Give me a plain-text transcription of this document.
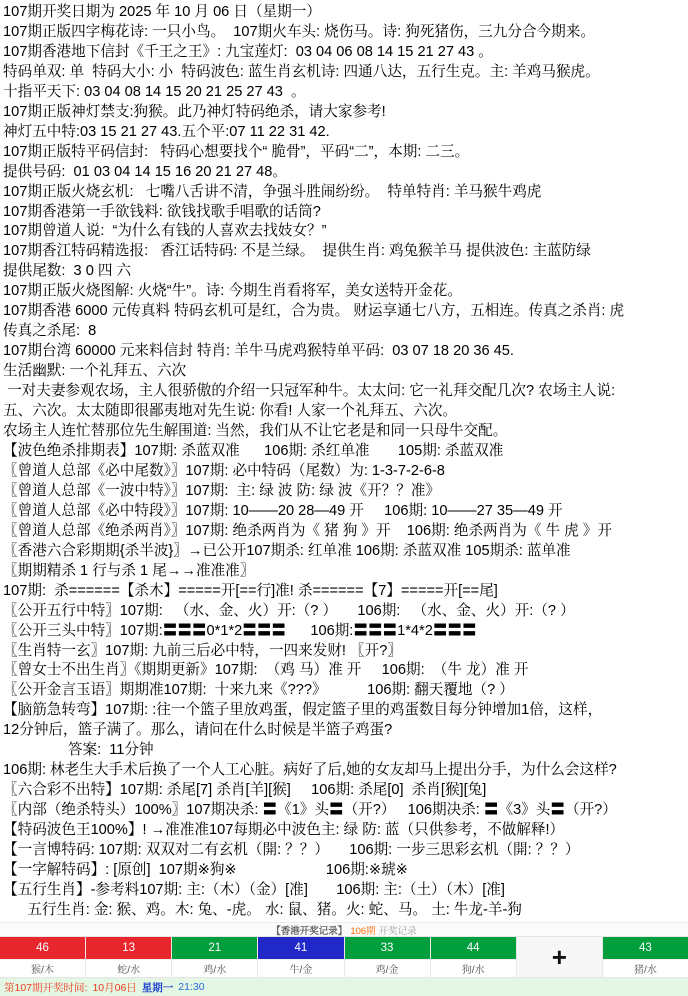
107期开奖日期为 2025 年 10 月 06 日（星期一）
107期正版四字梅花诗: 一只小鸟。  107期火车头: 烧伤马。诗: 狗死猪伤，三九分合今期来。
107期香港地下信封《千王之王》: 九宝莲灯:  03 04 06 08 14 15 21 27 43 。
特码单双: 单  特码大小: 小  特码波色: 蓝生肖玄机诗: 四通八达，五行生克。主: 羊鸡马猴虎。
十指平天下: 03 04 08 14 15 20 21 25 27 43  。
107期正版神灯禁支:狗猴。此乃神灯特码绝杀，请大家参考!
神灯五中特:03 15 21 27 43.五个平:07 11 22 31 42.
107期正版特平码信封:   特码心想要找个“ 脆骨”，平码“二”，本期: 二三。
提供号码:  01 03 04 14 15 16 20 21 27 48。
107期正版火烧玄机:   七嘴八舌讲不清，争强斗胜闹纷纷。  特单特肖: 羊马猴牛鸡虎
107期香港第一手欲钱料: 欲钱找歌手唱歌的话筒?
107期曾道人说:  “为什么有钱的人喜欢去找妓女？”
107期香江特码精选报:   香江话特码: 不是兰绿。  提供生肖: 鸡兔猴羊马 提供波色: 主蓝防绿
提供尾数:  3 0 四 六
107期正版火烧图解: 火烧“牛”。诗: 今期生肖看将军，美女送特开金花。
107期香港 6000 元传真料 特码玄机可是红，合为贵。 财运享通七八方，五相连。传真之杀肖: 虎
传真之杀尾:  8
107期台湾 60000 元来料信封 特肖: 羊牛马虎鸡猴特单平码:  03 07 18 20 36 45.
生活幽默: 一个礼拜五、六次
一对夫妻参观农场，主人很骄傲的介绍一只冠军种牛。太太问: 它一礼拜交配几次? 农场主人说:
五、六次。太太随即很鄙夷地对先生说: 你看! 人家一个礼拜五、六次。
农场主人连忙替那位先生解围道: 当然，我们从不让它老是和同一只母牛交配。
【波色绝杀排期表】107期: 杀蓝双准      106期: 杀红单准       105期: 杀蓝双准
〖曾道人总部《必中尾数》〗107期: 必中特码（尾数）为: 1-3-7-2-6-8
〖曾道人总部《一波中特》〗107期:  主: 绿 波 防: 绿 波《开？？准》
〖曾道人总部《必中特段》〗107期: 10——20 28—49 开     106期: 10——27 35—49 开
〖曾道人总部《绝杀两肖》〗107期: 绝杀两肖为《 猪 狗 》开    106期: 绝杀两肖为《 牛 虎 》开
〖香港六合彩期期{杀半波}〗→已公开107期杀: 红单准 106期: 杀蓝双准 105期杀: 蓝单准
〖期期精杀 1 行与杀 1 尾→→准准准〗
107期:  杀======【杀木】=====开[==行]准! 杀======【7】=====开[==尾]
〖公开五行中特〗107期:   （水、金、火）开:（? ）     106期:   （水、金、火）开:（? ）
〖公开三头中特〗107期:〓〓〓0*1*2〓〓〓      106期:〓〓〓1*4*2〓〓〓
〖生肖特一玄〗107期: 九前三后必中特，一四来发财! 〖开?〗
〖曾女士不出生肖〗《期期更新》107期:  （鸡 马）准 开     106期:  （牛 龙）准 开
〖公开金言玉语〗期期准107期:  十来九来《???》          106期: 翻天覆地（? ）
【脑筋急转弯】107期: :往一个篮子里放鸡蛋，假定篮子里的鸡蛋数目每分钟增加1倍，这样，
12分钟后，篮子满了。那么，请问在什么时候是半篮子鸡蛋?
答案:  11分钟
106期: 林老生大手术后换了一个人工心脏。病好了后,她的女友却马上提出分手，为什么会这样?
〖六合彩不出特】107期: 杀尾[7] 杀肖[羊][猴]     106期: 杀尾[0]  杀肖[猴][兔]
〖内部（绝杀特头）100%〗107期决杀: 〓《1》头〓（开?）   106期决杀: 〓《3》头〓（开?）
【特码波色王100%】! →准准准107每期必中波色主: 绿 防: 蓝（只供参考，不做解释!）
【一言博特码: 107期: 双双对二有玄机（開: ？？）     106期: 一步三思彩玄机（開: ？？）
【一字解特码】: [原创]  107期※狗※                      106期:※琥※
【五行生肖】-参考料107期: 主:（木）（金）[准]       106期: 主:（土）（木）[准]
五行生肖: 金: 猴、鸡。木: 兔、-虎。 水: 鼠、猪。火: 蛇、马。 土: 牛龙-羊-狗
【香港开奖记录】 106期 开奖记录
46
猴/木
13
蛇/水
21
鸡/水
41
牛/金
33
鸡/金
44
狗/水	+	43
猪/水
第107期开奖时间: 10月06日 星期一 21:30
